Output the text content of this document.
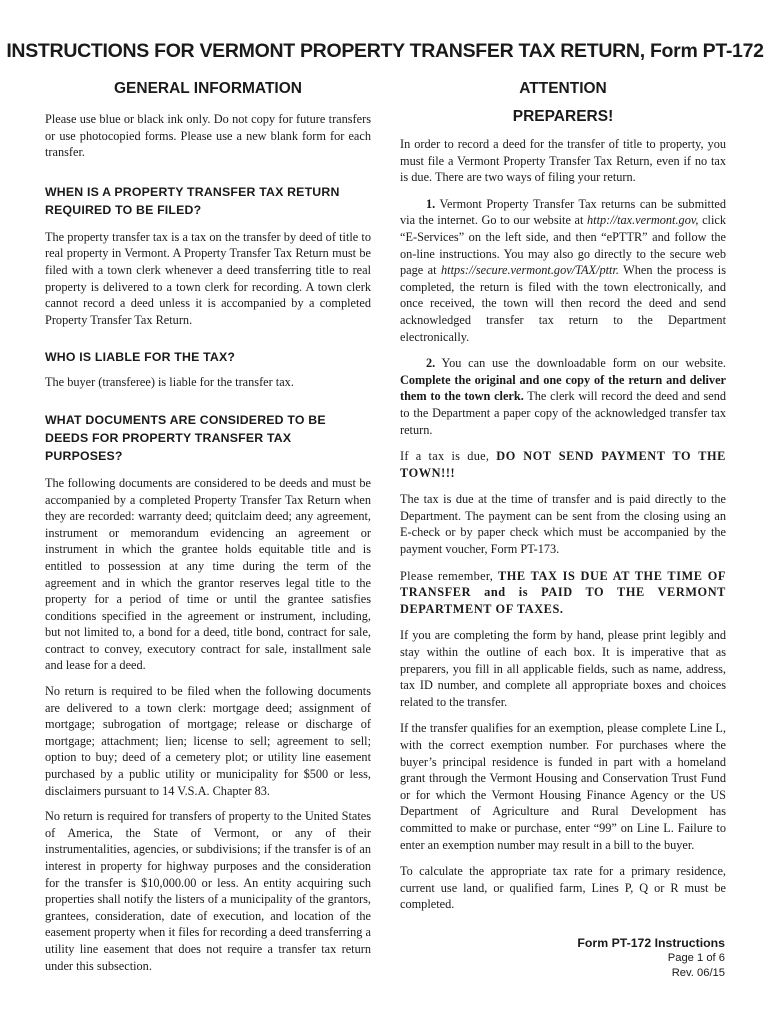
INSTRUCTIONS FOR VERMONT PROPERTY TRANSFER TAX RETURN, Form PT-172
GENERAL INFORMATION

Please use blue or black ink only. Do not copy for future transfers or use photocopied forms. Please use a new blank form for each transfer.

WHEN IS A PROPERTY TRANSFER TAX RETURN REQUIRED TO BE FILED?

The property transfer tax is a tax on the transfer by deed of title to real property in Vermont. A Property Transfer Tax Return must be filed with a town clerk whenever a deed transferring title to real property is delivered to a town clerk for recording. A town clerk cannot record a deed unless it is accompanied by a completed Property Transfer Tax Return.

WHO IS LIABLE FOR THE TAX?

The buyer (transferee) is liable for the transfer tax.

WHAT DOCUMENTS ARE CONSIDERED TO BE DEEDS FOR PROPERTY TRANSFER TAX PURPOSES?

The following documents are considered to be deeds and must be accompanied by a completed Property Transfer Tax Return when they are recorded: warranty deed; quitclaim deed; any agreement, instrument or memorandum evidencing an agreement or instrument in which the grantee holds equitable title and is entitled to possession at any time during the term of the agreement and in which the grantor reserves legal title to the property for a period of time or until the grantee satisfies conditions specified in the agreement or instrument, including, but not limited to, a bond for a deed, title bond, contract for sale, contract to convey, executory contract for sale, installment sale and lease for a deed.

No return is required to be filed when the following documents are delivered to a town clerk: mortgage deed; assignment of mortgage; subrogation of mortgage; release or discharge of mortgage; attachment; lien; license to sell; agreement to sell; option to buy; deed of a cemetery plot; or utility line easement purchased by a public utility or municipality for $500 or less, disclaimers pursuant to 14 V.S.A. Chapter 83.

No return is required for transfers of property to the United States of America, the State of Vermont, or any of their instrumentalities, agencies, or subdivisions; if the transfer is of an interest in property for highway purposes and the consideration for the transfer is $10,000.00 or less. An entity acquiring such properties shall notify the listers of a municipality of the grantors, grantees, consideration, date of execution, and location of the easement property when it files for recording a deed transferring a utility line easement that does not require a transfer tax return under this subsection.

ATTENTION
PREPARERS!

In order to record a deed for the transfer of title to property, you must file a Vermont Property Transfer Tax Return, even if no tax is due. There are two ways of filing your return.

1. Vermont Property Transfer Tax returns can be submitted via the internet. Go to our website at http://tax.vermont.gov, click “E-Services” on the left side, and then “ePTTR” and follow the on-line instructions. You may also go directly to the secure web page at https://secure.vermont.gov/TAX/pttr. When the process is completed, the return is filed with the town electronically, and once received, the town will then record the deed and send acknowledged transfer tax return to the Department electronically.

2. You can use the downloadable form on our website. Complete the original and one copy of the return and deliver them to the town clerk. The clerk will record the deed and send to the Department a paper copy of the acknowledged transfer tax return.

If a tax is due, DO NOT SEND PAYMENT TO THE TOWN!!!

The tax is due at the time of transfer and is paid directly to the Department. The payment can be sent from the closing using an E-check or by paper check which must be accompanied by the payment voucher, Form PT-173.

Please remember, THE TAX IS DUE AT THE TIME OF TRANSFER and is PAID TO THE VERMONT DEPARTMENT OF TAXES.

If you are completing the form by hand, please print legibly and stay within the outline of each box. It is imperative that as preparers, you fill in all applicable fields, such as name, address, tax ID number, and complete all appropriate boxes and choices related to the transfer.

If the transfer qualifies for an exemption, please complete Line L, with the correct exemption number. For purchases where the buyer’s principal residence is funded in part with a homeland grant through the Vermont Housing and Conservation Trust Fund or for which the Vermont Housing Finance Agency or the US Department of Agriculture and Rural Development has committed to make or purchase, enter “99” on Line L. Failure to enter an exemption number may result in a bill to the buyer.

To calculate the appropriate tax rate for a primary residence, current use land, or qualified farm, Lines P, Q or R must be completed.

Form PT-172 Instructions
Page 1 of 6
Rev. 06/15
